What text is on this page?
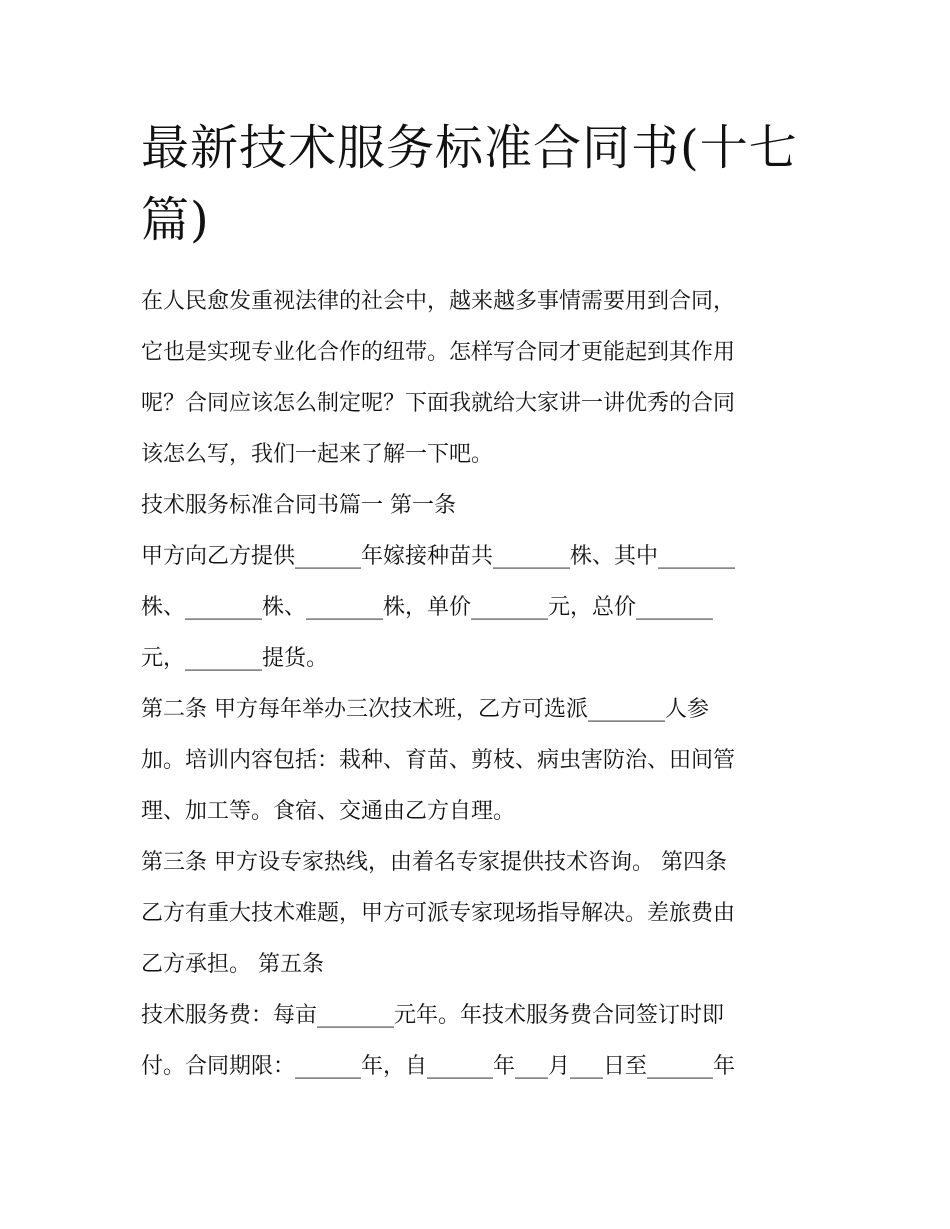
最新技术服务标准合同书(十七
篇)

在人民愈发重视法律的社会中，越来越多事情需要用到合同，

它也是实现专业化合作的纽带。怎样写合同才更能起到其作用

呢？合同应该怎么制定呢？下面我就给大家讲一讲优秀的合同

该怎么写，我们一起来了解一下吧。

技术服务标准合同书篇一 第一条

甲方向乙方提供______年嫁接种苗共_______株、其中_______

株、_______株、_______株，单价_______元，总价_______

元，_______提货。

第二条 甲方每年举办三次技术班，乙方可选派_______人参

加。培训内容包括：栽种、育苗、剪枝、病虫害防治、田间管

理、加工等。食宿、交通由乙方自理。

第三条 甲方设专家热线，由着名专家提供技术咨询。 第四条

乙方有重大技术难题，甲方可派专家现场指导解决。差旅费由

乙方承担。 第五条

技术服务费：每亩_______元年。年技术服务费合同签订时即

付。合同期限：______年，自______年___月___日至______年
